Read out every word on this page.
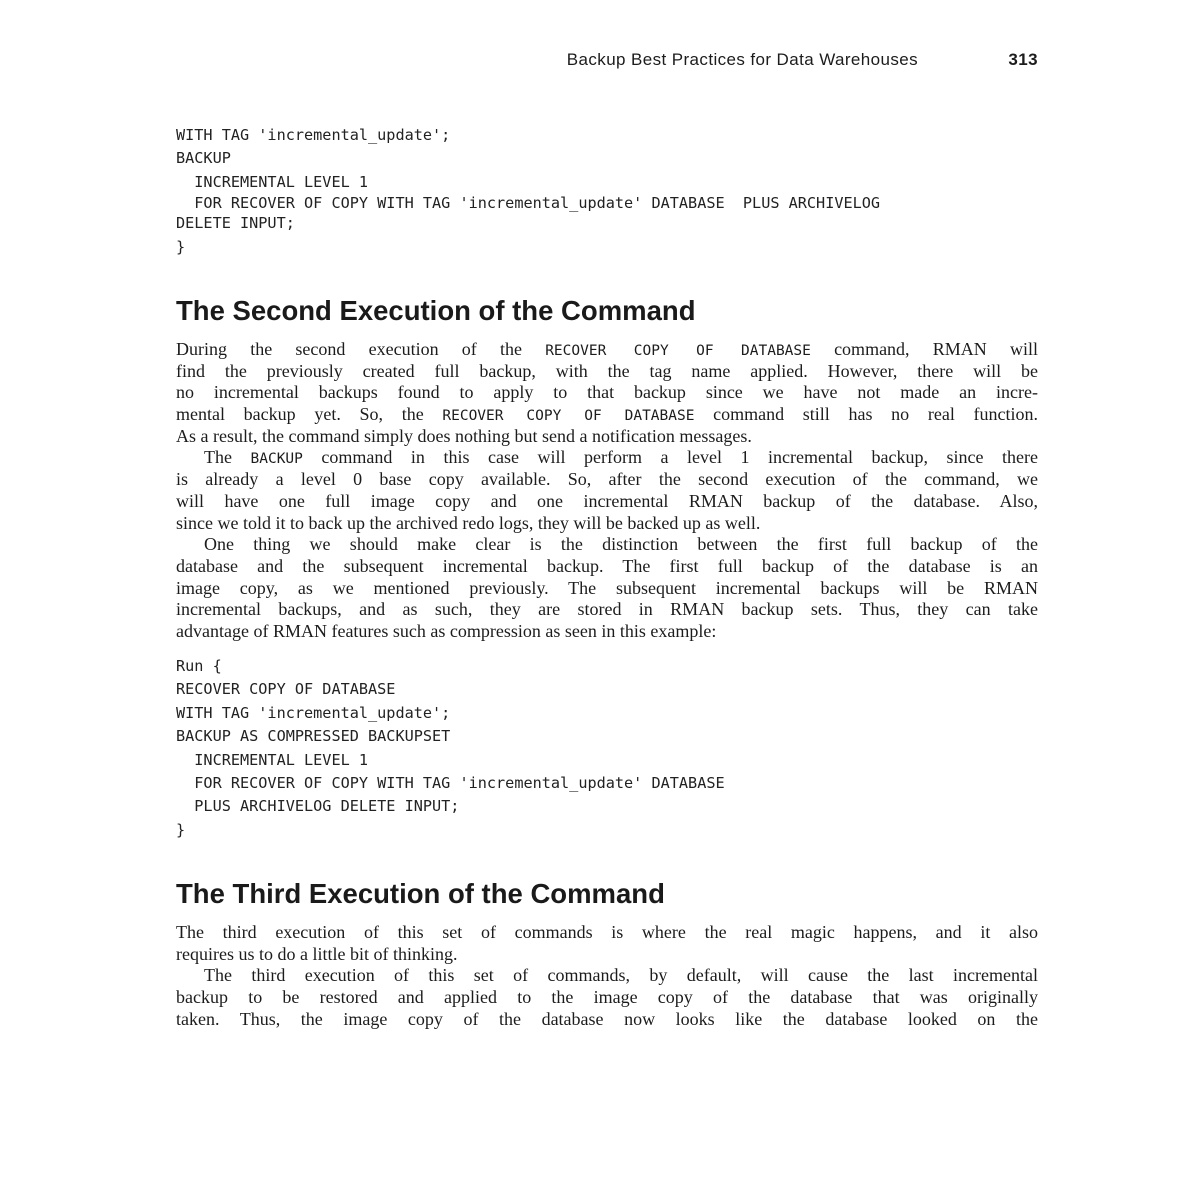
Backup Best Practices for Data Warehouses	313
WITH TAG 'incremental_update';
BACKUP
INCREMENTAL LEVEL 1
FOR RECOVER OF COPY WITH TAG 'incremental_update' DATABASE  PLUS ARCHIVELOG
DELETE INPUT;
}
The Second Execution of the Command
During the second execution of the RECOVER COPY OF DATABASE command, RMAN will
find the previously created full backup, with the tag name applied. However, there will be
no incremental backups found to apply to that backup since we have not made an incre-
mental backup yet. So, the RECOVER COPY OF DATABASE command still has no real function.
As a result, the command simply does nothing but send a notification messages.
The BACKUP command in this case will perform a level 1 incremental backup, since there
is already a level 0 base copy available. So, after the second execution of the command, we
will have one full image copy and one incremental RMAN backup of the database. Also,
since we told it to back up the archived redo logs, they will be backed up as well.
One thing we should make clear is the distinction between the first full backup of the
database and the subsequent incremental backup. The first full backup of the database is an
image copy, as we mentioned previously. The subsequent incremental backups will be RMAN
incremental backups, and as such, they are stored in RMAN backup sets. Thus, they can take
advantage of RMAN features such as compression as seen in this example:
Run {
RECOVER COPY OF DATABASE
WITH TAG 'incremental_update';
BACKUP AS COMPRESSED BACKUPSET
INCREMENTAL LEVEL 1
FOR RECOVER OF COPY WITH TAG 'incremental_update' DATABASE
PLUS ARCHIVELOG DELETE INPUT;
}
The Third Execution of the Command
The third execution of this set of commands is where the real magic happens, and it also
requires us to do a little bit of thinking.
The third execution of this set of commands, by default, will cause the last incremental
backup to be restored and applied to the image copy of the database that was originally
taken. Thus, the image copy of the database now looks like the database looked on the
